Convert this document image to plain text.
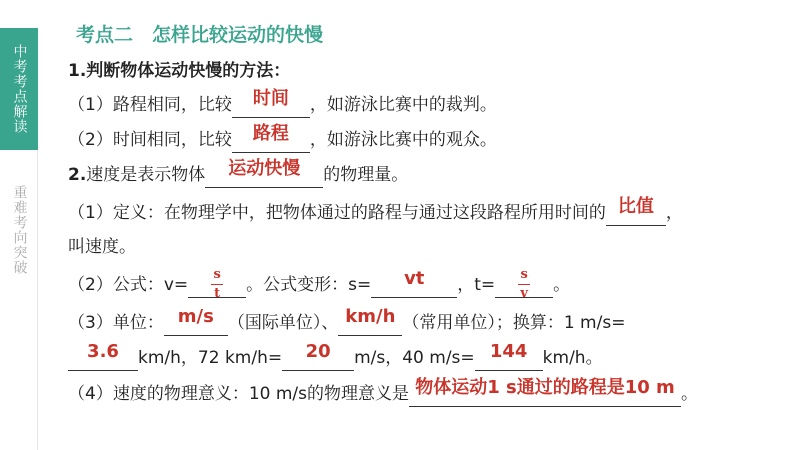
中考考点解读
重难考向突破
考点二　怎样比较运动的快慢
1.判断物体运动快慢的方法：
（1）路程相同，比较 时间 ，如游泳比赛中的裁判。
（2）时间相同，比较 路程 ，如游泳比赛中的观众。
2.速度是表示物体 运动快慢 的物理量。
（1）定义：在物理学中，把物体通过的路程与通过这段路程所用时间的 比值 ，
叫速度。
（2）公式：$v= \frac{s}{t}$ 。公式变形：s= vt ，$t= \frac{s}{v}$ 。
（3）单位： m/s （国际单位）、 km/h （常用单位）；换算：1 m/s=
3.6 km/h，72 km/h= 20 m/s，40 m/s= 144 km/h。
（4）速度的物理意义：10 m/s的物理意义是 物体运动1 s通过的路程是10 m 。
